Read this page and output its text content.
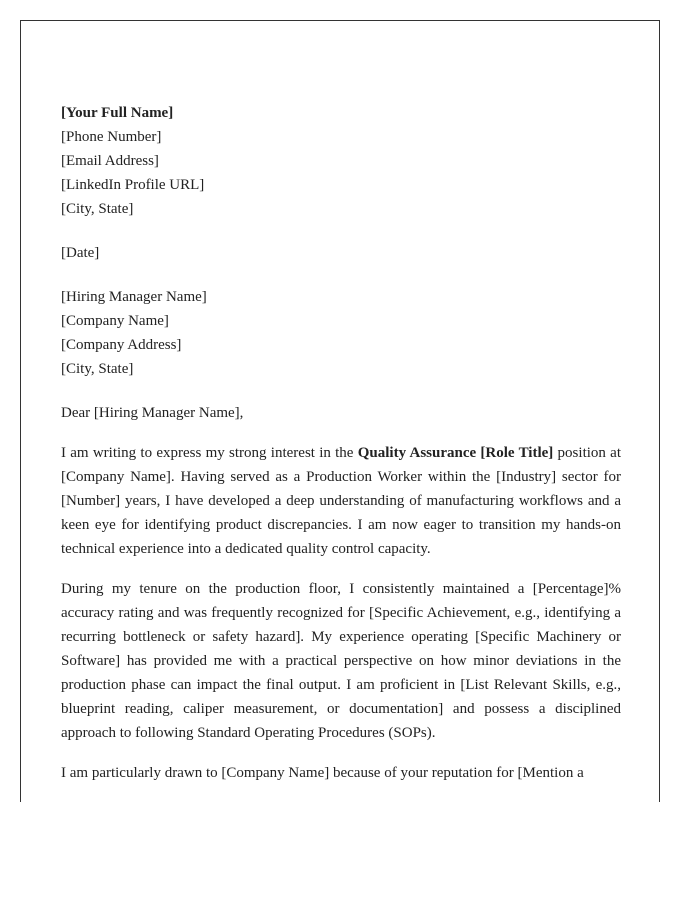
[Your Full Name]
[Phone Number]
[Email Address]
[LinkedIn Profile URL]
[City, State]
[Date]
[Hiring Manager Name]
[Company Name]
[Company Address]
[City, State]
Dear [Hiring Manager Name],

I am writing to express my strong interest in the Quality Assurance [Role Title] position at [Company Name]. Having served as a Production Worker within the [Industry] sector for [Number] years, I have developed a deep understanding of manufacturing workflows and a keen eye for identifying product discrepancies. I am now eager to transition my hands-on technical experience into a dedicated quality control capacity.

During my tenure on the production floor, I consistently maintained a [Percentage]% accuracy rating and was frequently recognized for [Specific Achievement, e.g., identifying a recurring bottleneck or safety hazard]. My experience operating [Specific Machinery or Software] has provided me with a practical perspective on how minor deviations in the production phase can impact the final output. I am proficient in [List Relevant Skills, e.g., blueprint reading, caliper measurement, or documentation] and possess a disciplined approach to following Standard Operating Procedures (SOPs).

I am particularly drawn to [Company Name] because of your reputation for [Mention a
